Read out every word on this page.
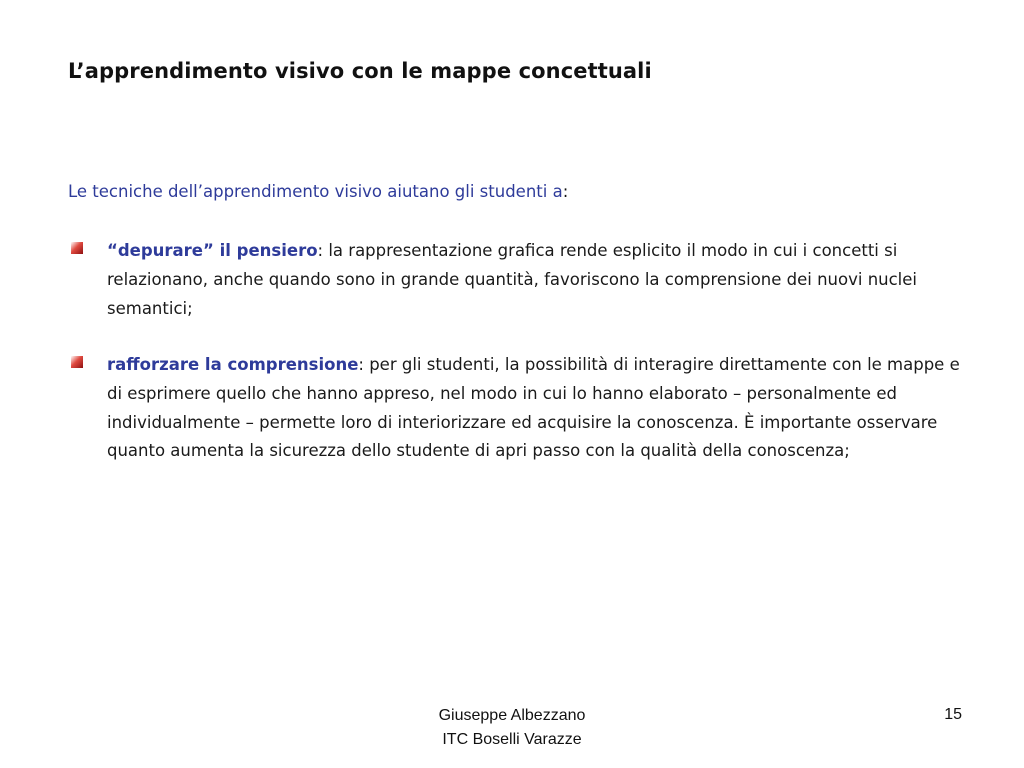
L’apprendimento visivo con le mappe concettuali
Le tecniche dell’apprendimento visivo aiutano gli studenti a:
“depurare” il pensiero: la rappresentazione grafica rende esplicito il modo in cui i concetti si relazionano, anche quando sono in grande quantità, favoriscono la comprensione dei nuovi nuclei semantici;
rafforzare la comprensione: per gli studenti, la possibilità di interagire direttamente con le mappe e di esprimere quello che hanno appreso, nel modo in cui lo hanno elaborato – personalmente ed individualmente – permette loro di interiorizzare ed acquisire la conoscenza. È importante osservare quanto aumenta la sicurezza dello studente di apri passo con la qualità della conoscenza;
Giuseppe Albezzano
ITC Boselli Varazze
15
